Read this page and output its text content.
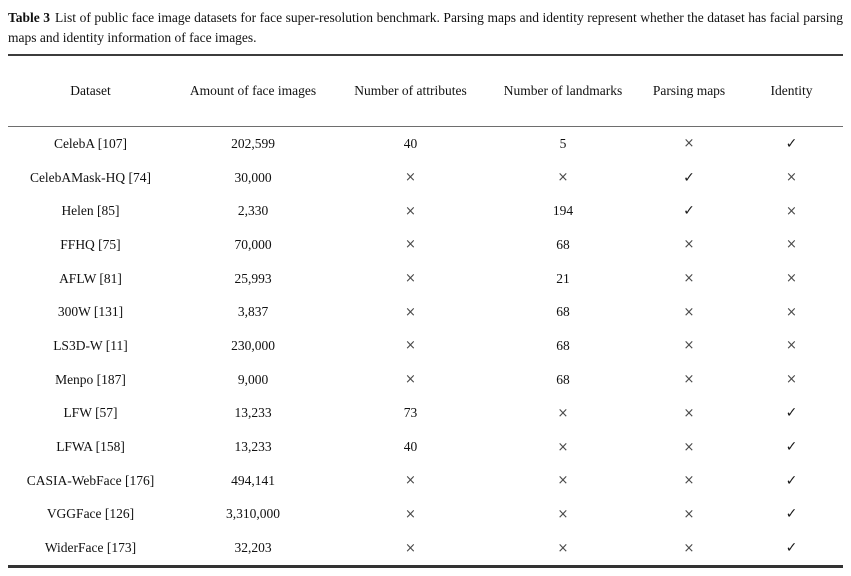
Table 3 List of public face image datasets for face super-resolution benchmark. Parsing maps and identity represent whether the dataset has facial parsing maps and identity information of face images.

Dataset	Amount of face images	Number of attributes	Number of landmarks	Parsing maps	Identity
CelebA [107]	202,599	40	5	×	✓
CelebAMask-HQ [74]	30,000	×	×	✓	×
Helen [85]	2,330	×	194	✓	×
FFHQ [75]	70,000	×	68	×	×
AFLW [81]	25,993	×	21	×	×
300W [131]	3,837	×	68	×	×
LS3D-W [11]	230,000	×	68	×	×
Menpo [187]	9,000	×	68	×	×
LFW [57]	13,233	73	×	×	✓
LFWA [158]	13,233	40	×	×	✓
CASIA-WebFace [176]	494,141	×	×	×	✓
VGGFace [126]	3,310,000	×	×	×	✓
WiderFace [173]	32,203	×	×	×	✓
